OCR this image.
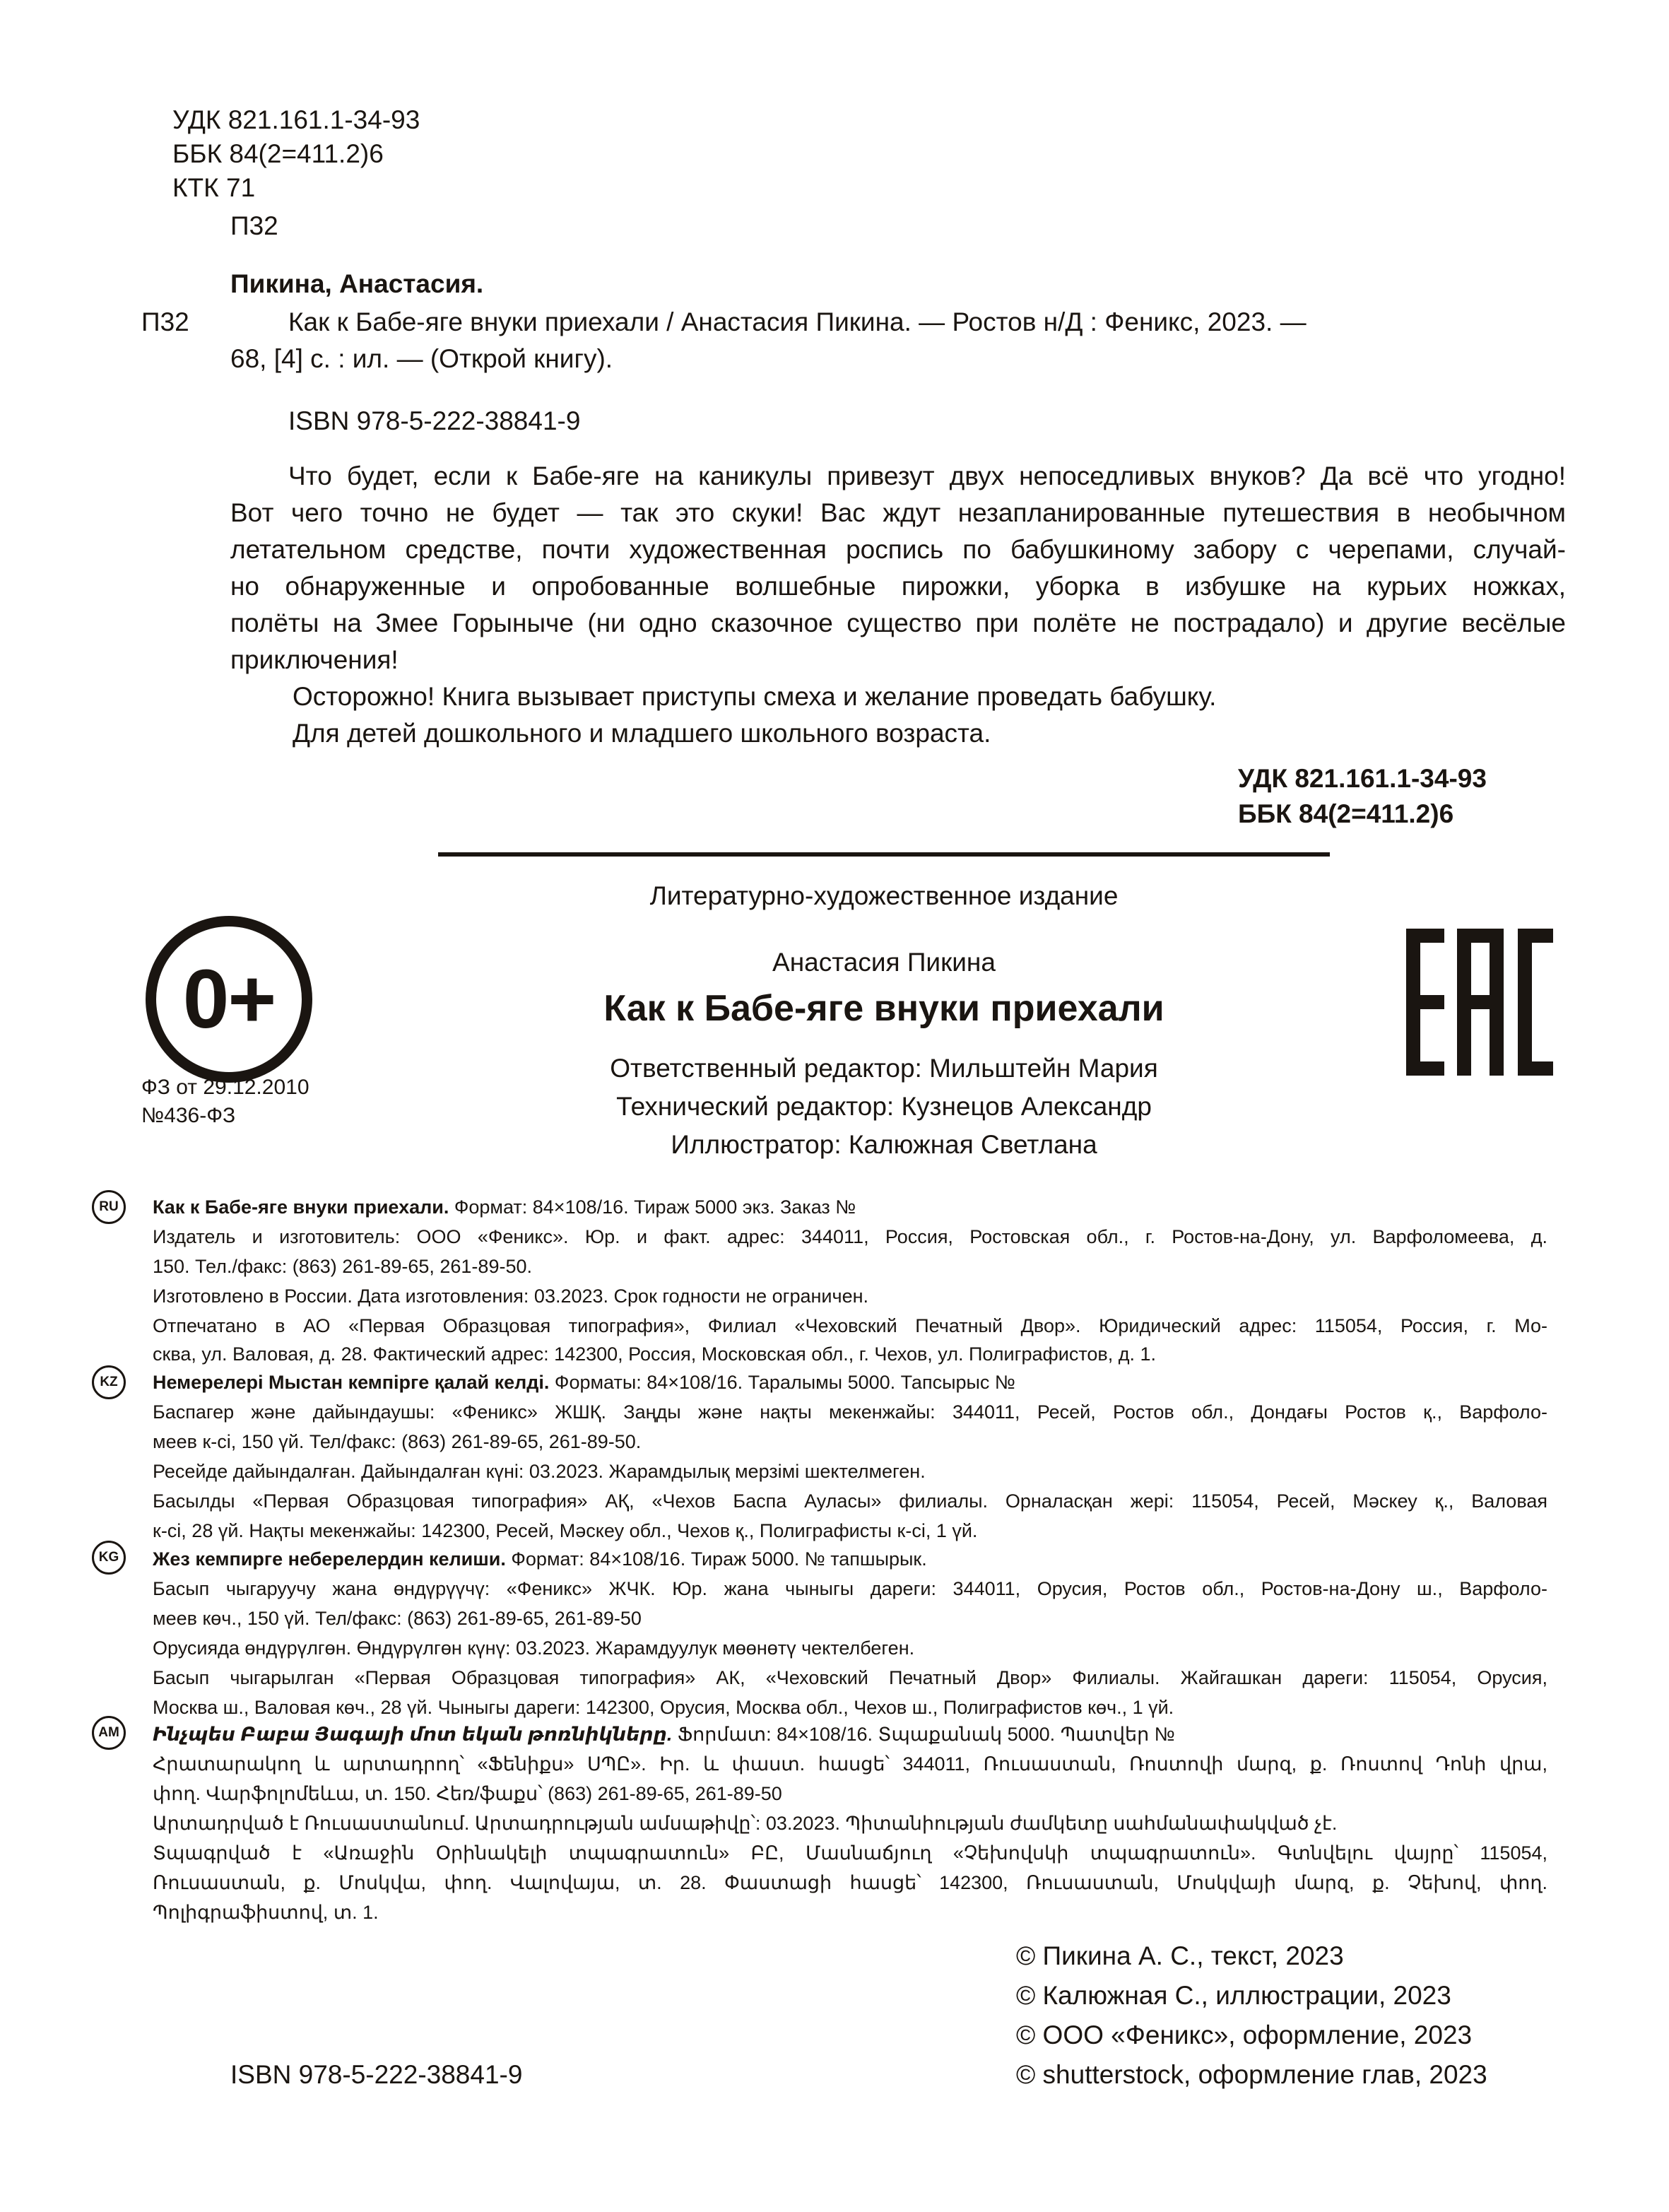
УДК 821.161.1-34-93
ББК 84(2=411.2)6
КТК 71
П32
Пикина, Анастасия.
П32	Как к Бабе-яге внуки приехали / Анастасия Пикина. — Ростов н/Д : Феникс, 2023. —
68, [4] с. : ил. — (Открой книгу).
ISBN 978-5-222-38841-9
Что будет, если к Бабе-яге на каникулы привезут двух непоседливых внуков? Да всё что угодно!
Вот чего точно не будет — так это скуки! Вас ждут незапланированные путешествия в необычном
летательном средстве, почти художественная роспись по бабушкиному забору с черепами, случай-
но обнаруженные и опробованные волшебные пирожки, уборка в избушке на курьих ножках,
полёты на Змее Горыныче (ни одно сказочное существо при полёте не пострадало) и другие весёлые
приключения!
Осторожно! Книга вызывает приступы смеха и желание проведать бабушку.
Для детей дошкольного и младшего школьного возраста.
УДК 821.161.1-34-93
ББК 84(2=411.2)6
0+
ФЗ от 29.12.2010
№436-ФЗ
Литературно-художественное издание
Анастасия Пикина
Как к Бабе-яге внуки приехали
Ответственный редактор: Мильштейн Мария
Технический редактор: Кузнецов Александр
Иллюстратор: Калюжная Светлана
RU	Как к Бабе-яге внуки приехали. Формат: 84×108/16. Тираж 5000 экз. Заказ №
Издатель и изготовитель: ООО «Феникс». Юр. и факт. адрес: 344011, Россия, Ростовская обл., г. Ростов-на-Дону, ул. Варфоломеева, д.
150. Тел./факс: (863) 261-89-65, 261-89-50.
Изготовлено в России. Дата изготовления: 03.2023. Срок годности не ограничен.
Отпечатано в АО «Первая Образцовая типография», Филиал «Чеховский Печатный Двор». Юридический адрес: 115054, Россия, г. Мо-
сква, ул. Валовая, д. 28. Фактический адрес: 142300, Россия, Московская обл., г. Чехов, ул. Полиграфистов, д. 1.
KZ	Немерелері Мыстан кемпірге қалай келді. Форматы: 84×108/16. Таралымы 5000. Тапсырыс №
Баспагер және дайындаушы: «Феникс» ЖШҚ. Заңды және нақты мекенжайы: 344011, Ресей, Ростов обл., Дондағы Ростов қ., Варфоло-
меев к-сі, 150 үй. Тел/факс: (863) 261-89-65, 261-89-50.
Ресейде дайындалған. Дайындалған күні: 03.2023. Жарамдылық мерзімі шектелмеген.
Басылды «Первая Образцовая типография» АҚ, «Чехов Баспа Ауласы» филиалы. Орналасқан жері: 115054, Ресей, Мәскеу қ., Валовая
к-сі, 28 үй. Нақты мекенжайы: 142300, Ресей, Мәскеу обл., Чехов қ., Полиграфисты к-сі, 1 үй.
KG	Жез кемпирге неберелердин келиши. Формат: 84×108/16. Тираж 5000. № тапшырык.
Басып чыгаруучу жана өндүрүүчү: «Феникс» ЖЧК. Юр. жана чыныгы дареги: 344011, Орусия, Ростов обл., Ростов-на-Дону ш., Варфоло-
меев көч., 150 үй. Тел/факс: (863) 261-89-65, 261-89-50
Орусияда өндүрүлгөн. Өндүрүлгөн күнү: 03.2023. Жарамдуулук мөөнөтү чектелбеген.
Басып чыгарылган «Первая Образцовая типография» АК, «Чеховский Печатный Двор» Филиалы. Жайгашкан дареги: 115054, Орусия,
Москва ш., Валовая көч., 28 үй. Чыныгы дареги: 142300, Орусия, Москва обл., Чехов ш., Полиграфистов көч., 1 үй.
AM	Ինչպես Բաբա Յագայի մոտ եկան թոռնիկները. Ֆորմատ: 84×108/16. Տպաքանակ 5000. Պատվեր №
Հրատարակող և արտադրող՝ «Ֆենիքս» ՍՊԸ». Իր. և փաստ. հասցե՝ 344011, Ռուսաստան, Ռոստովի մարզ, ք. Ռոստով Դոնի վրա,
փող. Վարֆոլոմեևա, տ. 150. Հեռ/ֆաքս՝ (863) 261-89-65, 261-89-50
Արտադրված է Ռուսաստանում. Արտադրության ամսաթիվը՝: 03.2023. Պիտանիության ժամկետը սահմանափակված չէ.
Տպագրված է «Առաջին Օրինակելի տպագրատուն» ԲԸ, Մասնաճյուղ «Չեխովսկի տպագրատուն». Գտնվելու վայրը՝ 115054,
Ռուսաստան, ք. Մոսկվա, փող. Վալովայա, տ. 28. Փաստացի հասցե՝ 142300, Ռուսաստան, Մոսկվայի մարզ, ք. Չեխով, փող.
Պոլիգրաֆիստով, տ. 1.
© Пикина А. С., текст, 2023
© Калюжная С., иллюстрации, 2023
© ООО «Феникс», оформление, 2023
© shutterstock, оформление глав, 2023
ISBN 978-5-222-38841-9
